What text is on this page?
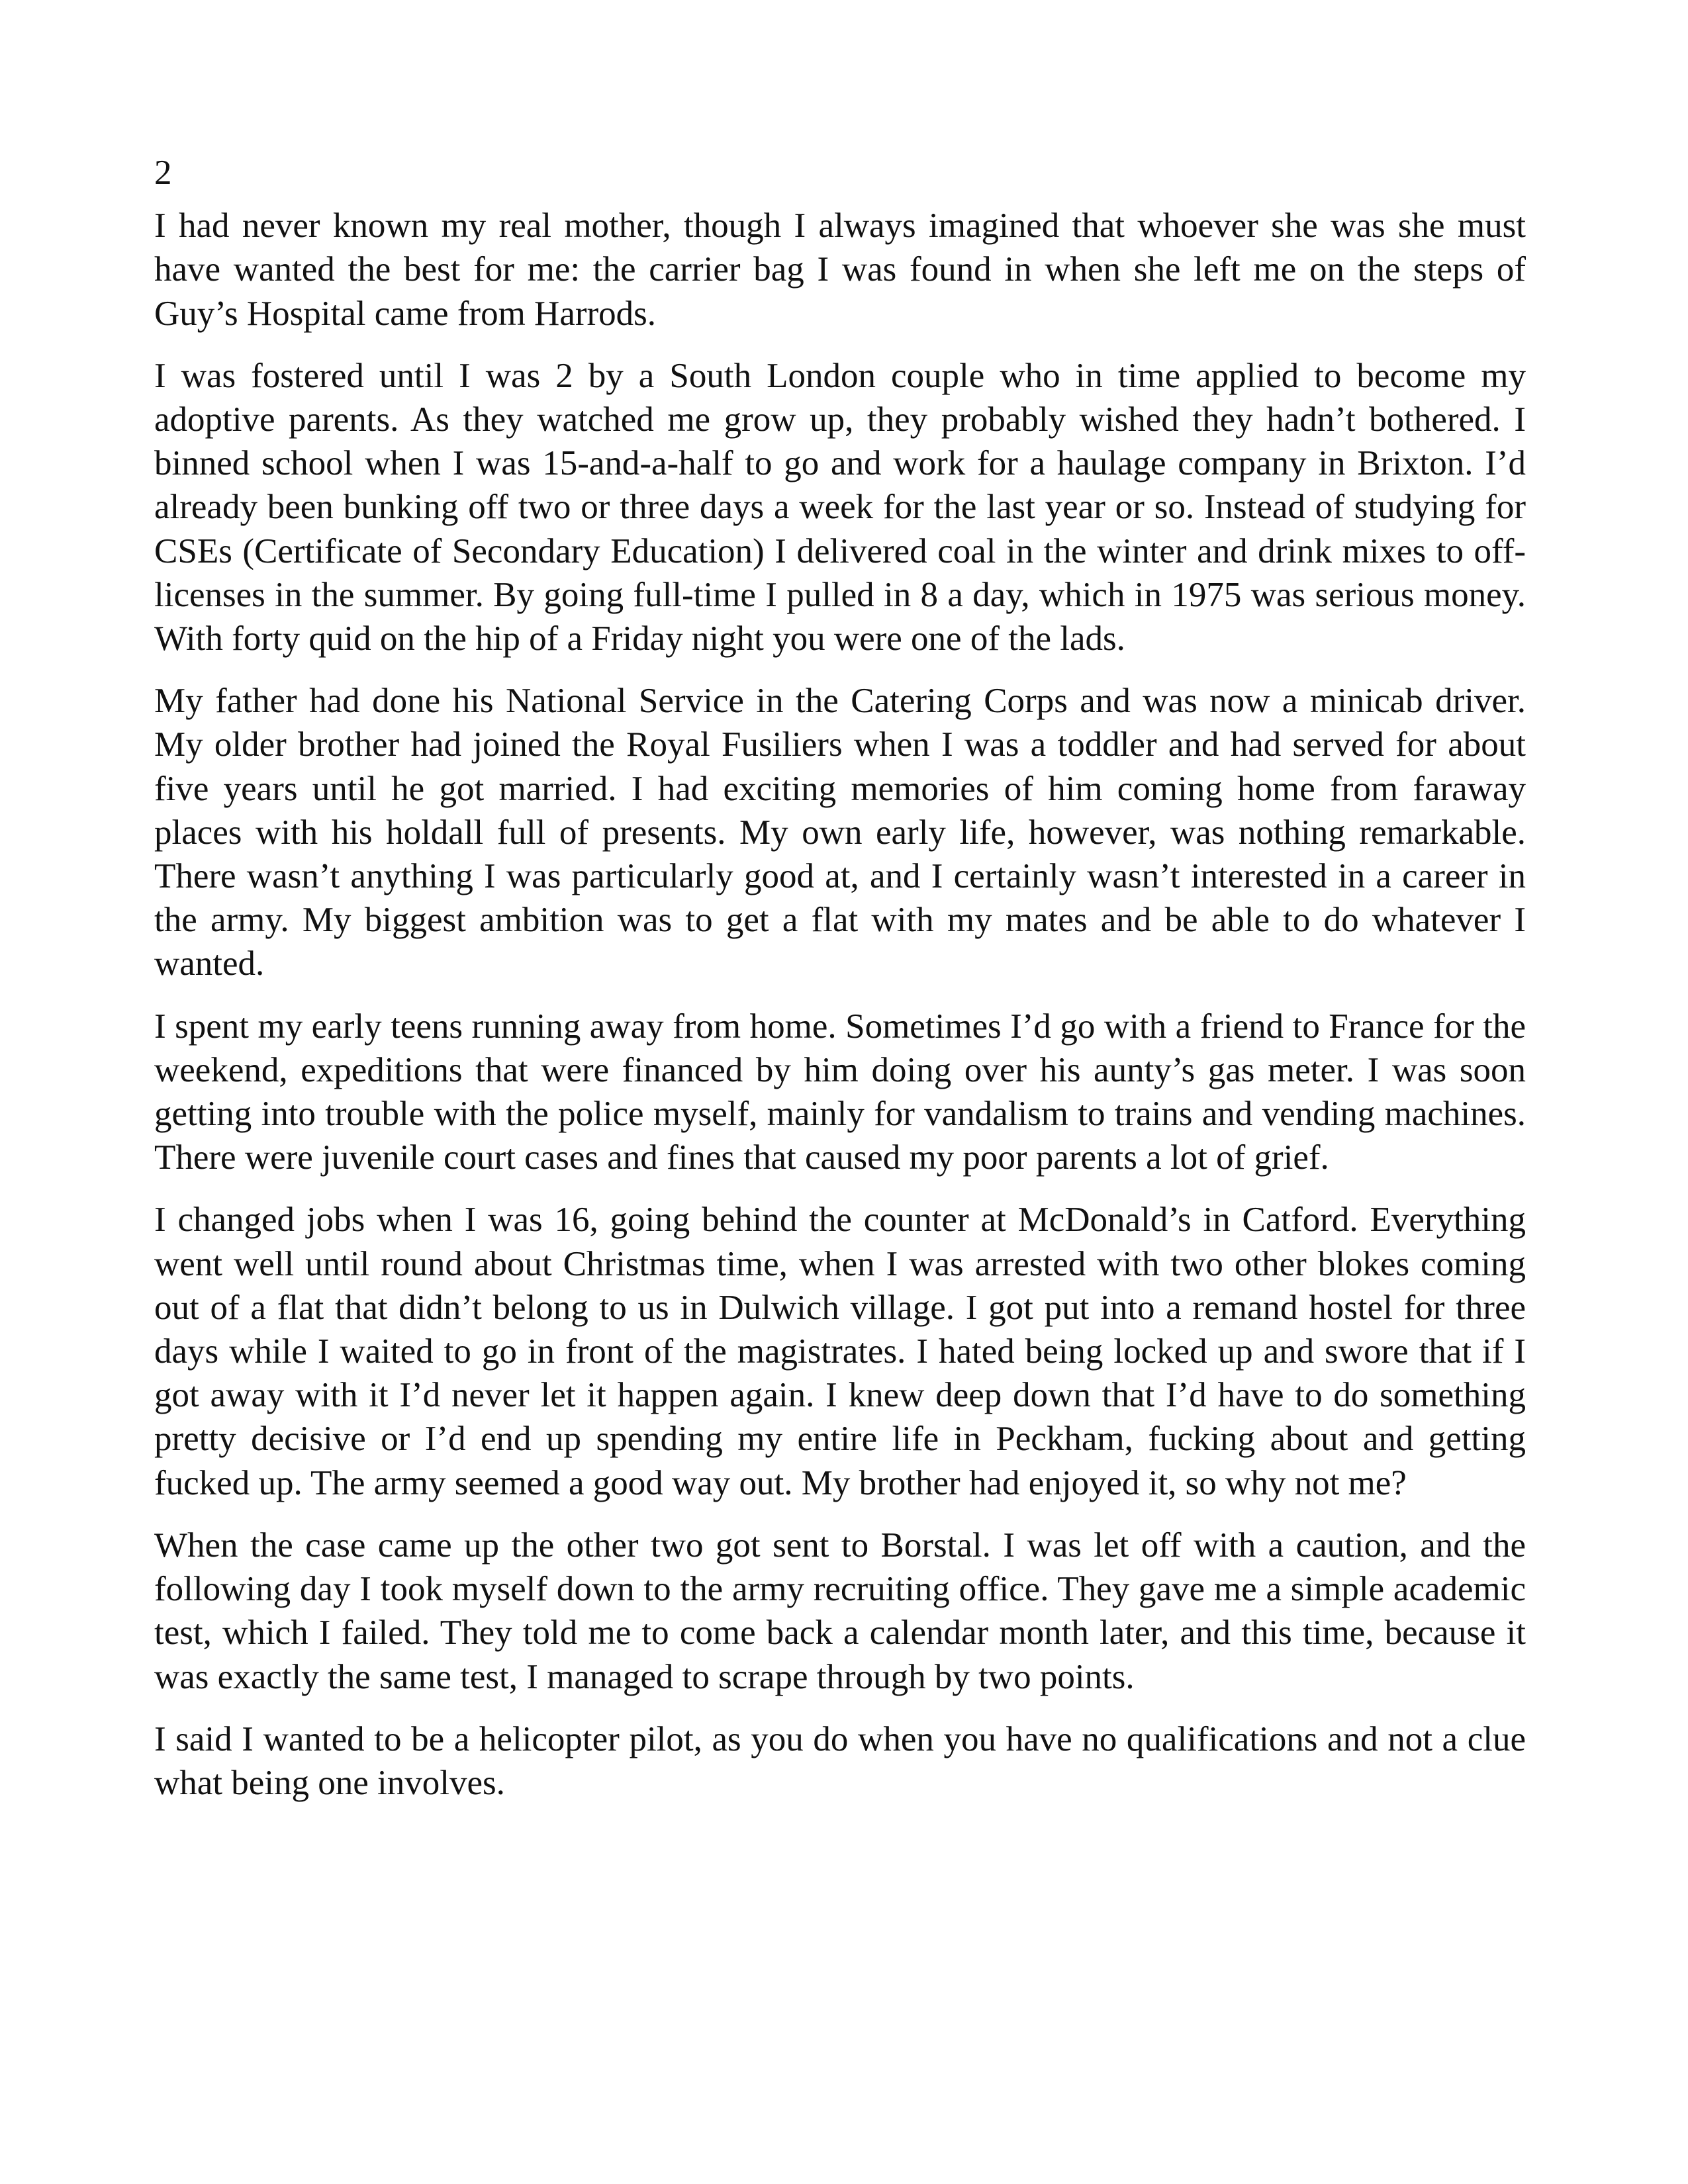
2

I had never known my real mother, though I always imagined that whoever she was she must have wanted the best for me: the carrier bag I was found in when she left me on the steps of Guy’s Hospital came from Harrods.

I was fostered until I was 2 by a South London couple who in time applied to become my adoptive parents. As they watched me grow up, they probably wished they hadn’t bothered. I binned school when I was 15-and-a-half to go and work for a haulage company in Brixton. I’d already been bunking off two or three days a week for the last year or so. Instead of studying for CSEs (Certificate of Secondary Education) I delivered coal in the winter and drink mixes to off-licenses in the summer. By going full-time I pulled in 8 a day, which in 1975 was serious money. With forty quid on the hip of a Friday night you were one of the lads.

My father had done his National Service in the Catering Corps and was now a minicab driver. My older brother had joined the Royal Fusiliers when I was a toddler and had served for about five years until he got married. I had exciting memories of him coming home from faraway places with his holdall full of presents. My own early life, however, was nothing remarkable. There wasn’t anything I was particularly good at, and I certainly wasn’t interested in a career in the army. My biggest ambition was to get a flat with my mates and be able to do whatever I wanted.

I spent my early teens running away from home. Sometimes I’d go with a friend to France for the weekend, expeditions that were financed by him doing over his aunty’s gas meter. I was soon getting into trouble with the police myself, mainly for vandalism to trains and vending machines. There were juvenile court cases and fines that caused my poor parents a lot of grief.

I changed jobs when I was 16, going behind the counter at McDonald’s in Catford. Everything went well until round about Christmas time, when I was arrested with two other blokes coming out of a flat that didn’t belong to us in Dulwich village. I got put into a remand hostel for three days while I waited to go in front of the magistrates. I hated being locked up and swore that if I got away with it I’d never let it happen again. I knew deep down that I’d have to do something pretty decisive or I’d end up spending my entire life in Peckham, fucking about and getting fucked up. The army seemed a good way out. My brother had enjoyed it, so why not me?

When the case came up the other two got sent to Borstal. I was let off with a caution, and the following day I took myself down to the army recruiting office. They gave me a simple academic test, which I failed. They told me to come back a calendar month later, and this time, because it was exactly the same test, I managed to scrape through by two points.

I said I wanted to be a helicopter pilot, as you do when you have no qualifications and not a clue what being one involves.
